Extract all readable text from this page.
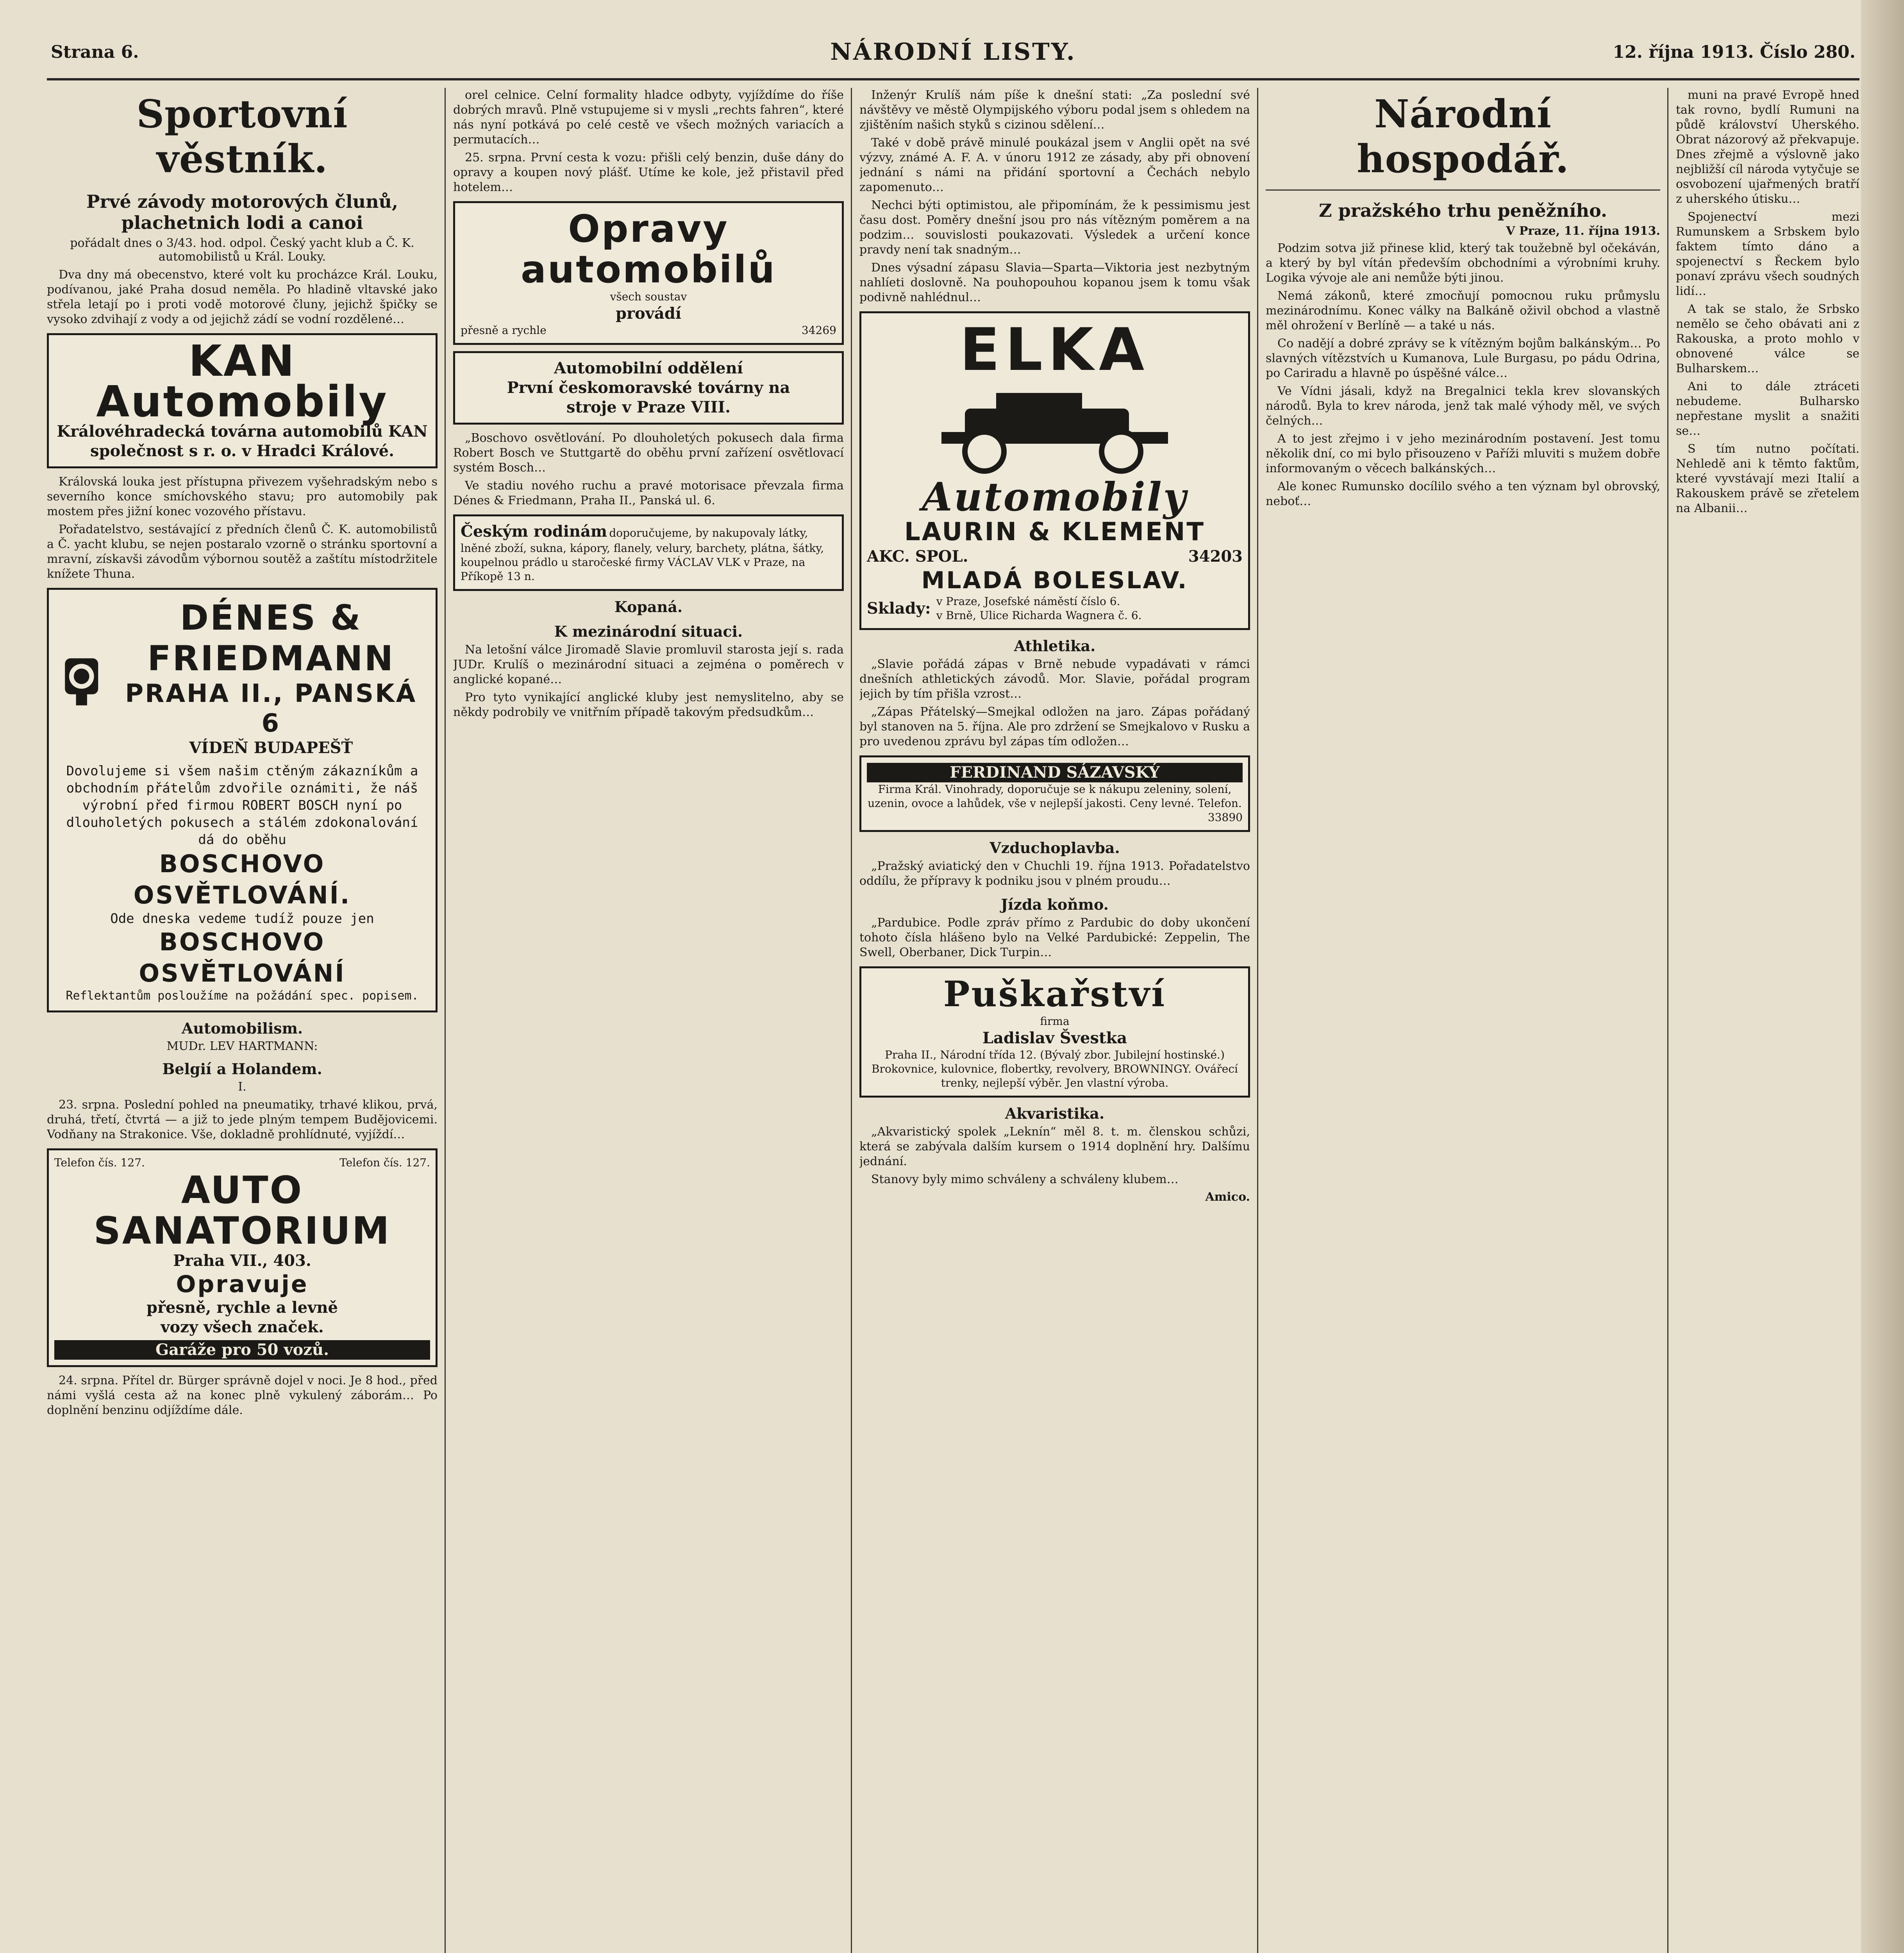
Strana 6.	NÁRODNÍ LISTY.	12. října 1913. Číslo 280.
Sportovní věstník.
Prvé závody motorových člunů, plachetnich lodi a canoi

pořádalt dnes o 3/43. hod. odpol. Český yacht klub a Č. K. automobilistů u Král. Louky.

Dva dny má obecenstvo, které volt ku procházce Král. Louku, podívanou, jaké Praha dosud neměla. Po hladině vltavské jako střela letají po i proti vodě motorové čluny, jejichž špičky se vysoko zdvihají z vody a od jejichž zádí se vodní rozdělené…

KAN Automobily
Královéhradecká továrna automobilů KAN
společnost s r. o. v Hradci Králové.

Královská louka jest přístupna přivezem vyšehradským nebo s severního konce smíchovského stavu; pro automobily pak mostem přes jižní konec vozového přístavu.

Pořadatelstvo, sestávající z předních členů Č. K. automobilistů a Č. yacht klubu, se nejen postaralo vzorně o stránku sportovní a mravní, získavši závodům výbornou soutěž a zaštítu místodržitele knížete Thuna.

DÉNES & FRIEDMANN
PRAHA II., PANSKÁ 6
VÍDEŇ BUDAPEŠŤ
Dovolujeme si všem našim ctěným zákazníkům a obchodním přátelům zdvořile oznámiti, že náš výrobní před firmou ROBERT BOSCH nyní po dlouholetých pokusech a stálém zdokonalování dá do oběhu
BOSCHOVO OSVĚTLOVÁNÍ.
Ode dneska vedeme tudíž pouze jen
BOSCHOVO OSVĚTLOVÁNÍ
Reflektantům posloužíme na požádání spec. popisem.
Automobilism.

MUDr. LEV HARTMANN:

Belgií a Holandem.

I.

23. srpna. Poslední pohled na pneumatiky, trhavé klikou, prvá, druhá, třetí, čtvrtá — a již to jede plným tempem Budějovicemi. Vodňany na Strakonice. Vše, dokladně prohlídnuté, vyjíždí…

Telefon čís. 127.	Telefon čís. 127.
AUTO
SANATORIUM
Praha VII., 403.
Opravuje
přesně, rychle a levně
vozy všech značek.
Garáže pro 50 vozů.

24. srpna. Přítel dr. Bürger správně dojel v noci. Je 8 hod., před námi vyšlá cesta až na konec plně vykulený záborám… Po doplnění benzinu odjíždíme dále.

orel celnice. Celní formality hladce odbyty, vyjíždíme do říše dobrých mravů. Plně vstupujeme si v mysli „rechts fahren“, které nás nyní potkává po celé cestě ve všech možných variacích a permutacích…

25. srpna. První cesta k vozu: přišli celý benzin, duše dány do opravy a koupen nový plášť. Utíme ke kole, jež přistavil před hotelem…

Opravy
automobilů
všech soustav
provádí
přesně a rychle	34269
Automobilní oddělení
První českomoravské továrny na
stroje v Praze VIII.

„Boschovo osvětlování. Po dlouholetých pokusech dala firma Robert Bosch ve Stuttgartě do oběhu první zařízení osvětlovací systém Bosch…

Ve stadiu nového ruchu a pravé motorisace převzala firma Dénes & Friedmann, Praha II., Panská ul. 6.

Českým rodinám doporučujeme, by nakupovaly látky, lněné zboží, sukna, kápory, flanely, velury, barchety, plátna, šátky, koupelnou prádlo u staročeské firmy VÁCLAV VLK v Praze, na Příkopě 13 n.
Kopaná.
K mezinárodní situaci.

Na letošní válce Jiromadě Slavie promluvil starosta její s. rada JUDr. Krulíš o mezinárodní situaci a zejména o poměrech v anglické kopané…

Pro tyto vynikající anglické kluby jest nemyslitelno, aby se někdy podrobily ve vnitřním případě takovým předsudkům…

Inženýr Krulíš nám píše k dnešní stati: „Za poslední své návštěvy ve městě Olympijského výboru podal jsem s ohledem na zjištěním našich styků s cizinou sdělení…

Také v době právě minulé poukázal jsem v Anglii opět na své výzvy, známé A. F. A. v únoru 1912 ze zásady, aby při obnovení jednání s námi na přidání sportovní a Čechách nebylo zapomenuto…

Nechci býti optimistou, ale připomínám, že k pessimismu jest času dost. Poměry dnešní jsou pro nás vítězným poměrem a na podzim… souvislosti poukazovati. Výsledek a určení konce pravdy není tak snadným…

Dnes výsadní zápasu Slavia—Sparta—Viktoria jest nezbytným nahlíeti doslovně. Na pouhopouhou kopanou jsem k tomu však podivně nahlédnul…

ELKA
Automobily
LAURIN & KLEMENT
AKC. SPOL.	34203
MLADÁ BOLESLAV.
Sklady: v Praze, Josefské náměstí číslo 6.
v Brně, Ulice Richarda Wagnera č. 6.
Athletika.

„Slavie pořádá zápas v Brně nebude vypadávati v rámci dnešních athletických závodů. Mor. Slavie, pořádal program jejich by tím přišla vzrost…

„Zápas Přátelský—Smejkal odložen na jaro. Zápas pořádaný byl stanoven na 5. října. Ale pro zdržení se Smejkalovo v Rusku a pro uvedenou zprávu byl zápas tím odložen…

FERDINAND SÁZAVSKÝ
Firma Král. Vinohrady, doporučuje se k nákupu zeleniny, solení, uzenin, ovoce a lahůdek, vše v nejlepší jakosti. Ceny levné. Telefon.
33890
Vzduchoplavba.

„Pražský aviatický den v Chuchli 19. října 1913. Pořadatelstvo oddílu, že přípravy k podniku jsou v plném proudu…

Jízda koňmo.

„Pardubice. Podle zpráv přímo z Pardubic do doby ukončení tohoto čísla hlášeno bylo na Velké Pardubické: Zeppelin, The Swell, Oberbaner, Dick Turpin…

Puškařství
firma
Ladislav Švestka
Praha II., Národní třída 12. (Bývalý zbor. Jubilejní hostinské.) Brokovnice, kulovnice, flobertky, revolvery, BROWNINGY. Ovářecí trenky, nejlepší výběr. Jen vlastní výroba.
Akvaristika.

„Akvaristický spolek „Leknín“ měl 8. t. m. členskou schůzi, která se zabývala dalším kursem o 1914 doplnění hry. Dalšímu jednání.

Stanovy byly mimo schváleny a schváleny klubem…

Amico.

Národní hospodář.
Z pražského trhu peněžního.

V Praze, 11. října 1913.

Podzim sotva již přinese klid, který tak toužebně byl očekáván, a který by byl vítán především obchodními a výrobními kruhy. Logika vývoje ale ani nemůže býti jinou.

Nemá zákonů, které zmocňují pomocnou ruku průmyslu mezinárodnímu. Konec války na Balkáně oživil obchod a vlastně měl ohrožení v Berlíně — a také u nás.

Co nadějí a dobré zprávy se k vítězným bojům balkánským… Po slavných vítězstvích u Kumanova, Lule Burgasu, po pádu Odrina, po Cariradu a hlavně po úspěšné válce…

Ve Vídni jásali, když na Bregalnici tekla krev slovanských národů. Byla to krev národa, jenž tak malé výhody měl, ve svých čelných…

A to jest zřejmo i v jeho mezinárodním postavení. Jest tomu několik dní, co mi bylo přisouzeno v Paříži mluviti s mužem dobře informovaným o věcech balkánských…

Ale konec Rumunsko docílilo svého a ten význam byl obrovský, neboť…

muni na pravé Evropě hned tak rovno, bydlí Rumuni na půdě království Uherského. Obrat názorový až překvapuje. Dnes zřejmě a výslovně jako nejbližší cíl národa vytyčuje se osvobození ujařmených bratří z uherského útisku…

Spojenectví mezi Rumunskem a Srbskem bylo faktem tímto dáno a spojenectví s Řeckem bylo ponaví zprávu všech soudných lidí…

A tak se stalo, že Srbsko nemělo se čeho obávati ani z Rakouska, a proto mohlo v obnovené válce se Bulharskem…

Ani to dále ztráceti nebudeme. Bulharsko nepřestane myslit a snažiti se…

S tím nutno počítati. Nehledě ani k těmto faktům, které vyvstávají mezi Italií a Rakouskem právě se zřetelem na Albanii…
